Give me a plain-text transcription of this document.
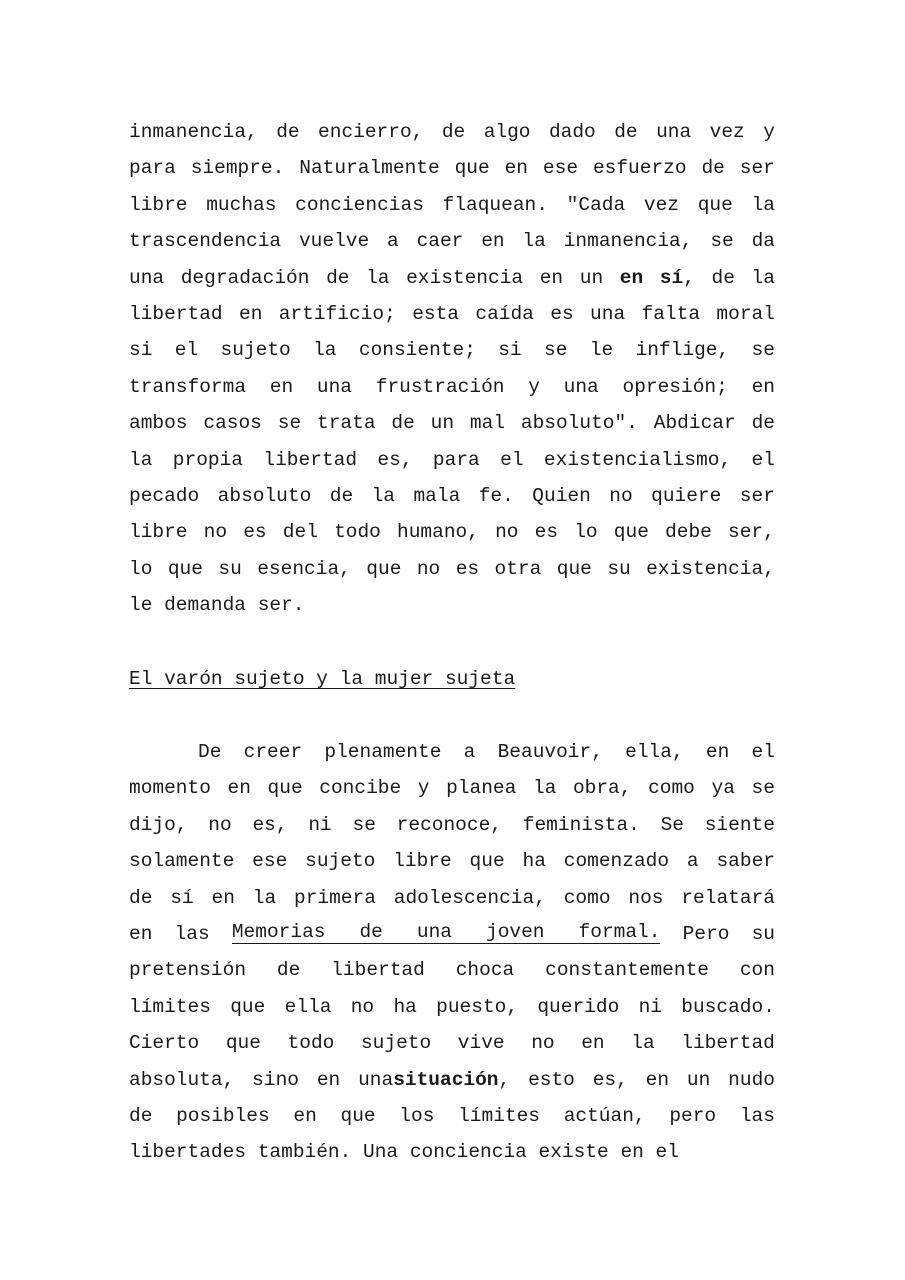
inmanencia, de encierro, de algo dado de una vez y
para siempre. Naturalmente que en ese esfuerzo de ser
libre muchas conciencias flaquean. "Cada vez que la
trascendencia vuelve a caer en la inmanencia, se da
una degradación de la existencia en un en sí, de la
libertad en artificio; esta caída es una falta moral
si el sujeto la consiente; si se le inflige, se
transforma en una frustración y una opresión; en
ambos casos se trata de un mal absoluto". Abdicar de
la propia libertad es, para el existencialismo, el
pecado absoluto de la mala fe. Quien no quiere ser
libre no es del todo humano, no es lo que debe ser,
lo que su esencia, que no es otra que su existencia,
le demanda ser.
El varón sujeto y la mujer sujeta
De creer plenamente a Beauvoir, ella, en el
momento en que concibe y planea la obra, como ya se
dijo, no es, ni se reconoce, feminista. Se siente
solamente ese sujeto libre que ha comenzado a saber
de sí en la primera adolescencia, como nos relatará
en las Memorias de una joven formal. Pero su
pretensión de libertad choca constantemente con
límites que ella no ha puesto, querido ni buscado.
Cierto que todo sujeto vive no en la libertad
absoluta, sino en unasituación, esto es, en un nudo
de posibles en que los límites actúan, pero las
libertades también. Una conciencia existe en el
